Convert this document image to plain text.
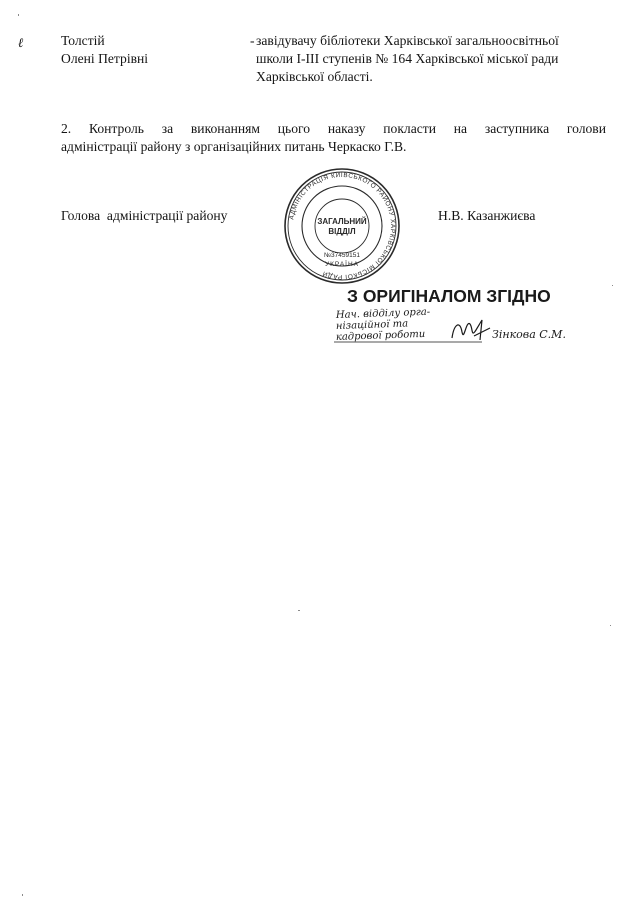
ℓ	Толстій
Олені Петрівні
- завідувачу бібліотеки Харківської загальноосвітньої
школи І-ІІІ ступенів № 164 Харківської міської ради
Харківської області.
2. Контроль за виконанням цього наказу покласти на заступника голови
адміністрації району з організаційних питань Черкаско Г.В.
Голова  адміністрації району	Н.В. Казанжиєва
АДМІНІСТРАЦІЯ КИЇВСЬКОГО РАЙОНУ ХАРКІВСЬКОЇ МІСЬКОЇ РАДИ
ЗАГАЛЬНИЙ
ВІДДІЛ
№37459151
УКРАЇНА
З ОРИГІНАЛОМ ЗГІДНО
Нач. відділу орга-
нізаційної та
кадрової роботи	Зінкова С.М.
